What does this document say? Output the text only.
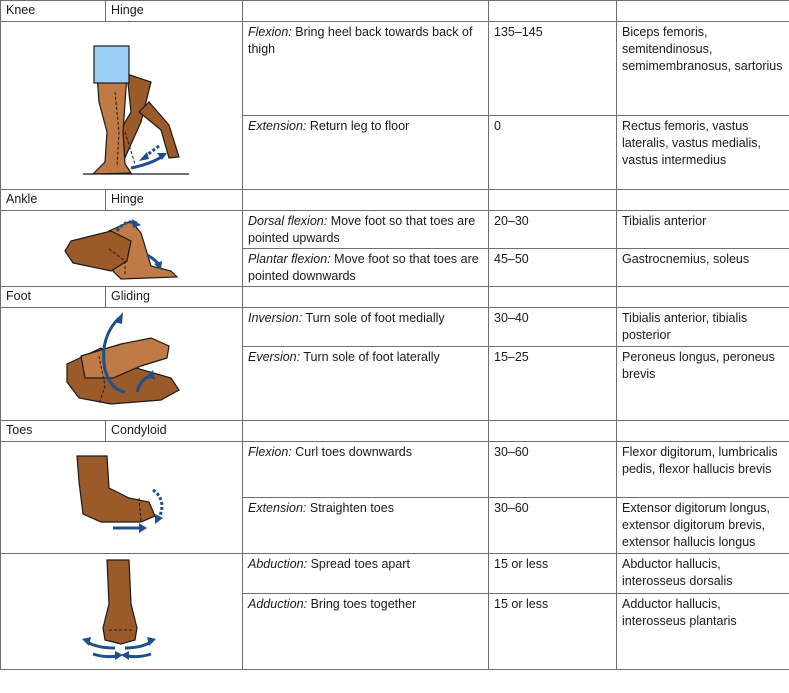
Knee	Hinge			

	Flexion: Bring heel back towards back of thigh	135–145	Biceps femoris, semitendinosus, semimembranosus, sartorius
		Extension: Return leg to floor	0	Rectus femoris, vastus lateralis, vastus medialis, vastus intermedius
Ankle	Hinge			

	Dorsal flexion: Move foot so that toes are pointed upwards	20–30	Tibialis anterior
		Plantar flexion: Move foot so that toes are pointed downwards	45–50	Gastrocnemius, soleus
Foot	Gliding			

	Inversion: Turn sole of foot medially	30–40	Tibialis anterior, tibialis posterior
		Eversion: Turn sole of foot laterally	15–25	Peroneus longus, peroneus brevis
Toes	Condyloid			

	Flexion: Curl toes downwards	30–60	Flexor digitorum, lumbricalis pedis, flexor hallucis brevis
		Extension: Straighten toes	30–60	Extensor digitorum longus, extensor digitorum brevis, extensor hallucis longus

	Abduction: Spread toes apart	15 or less	Abductor hallucis, interosseus dorsalis
		Adduction: Bring toes together	15 or less	Adductor hallucis, interosseus plantaris
